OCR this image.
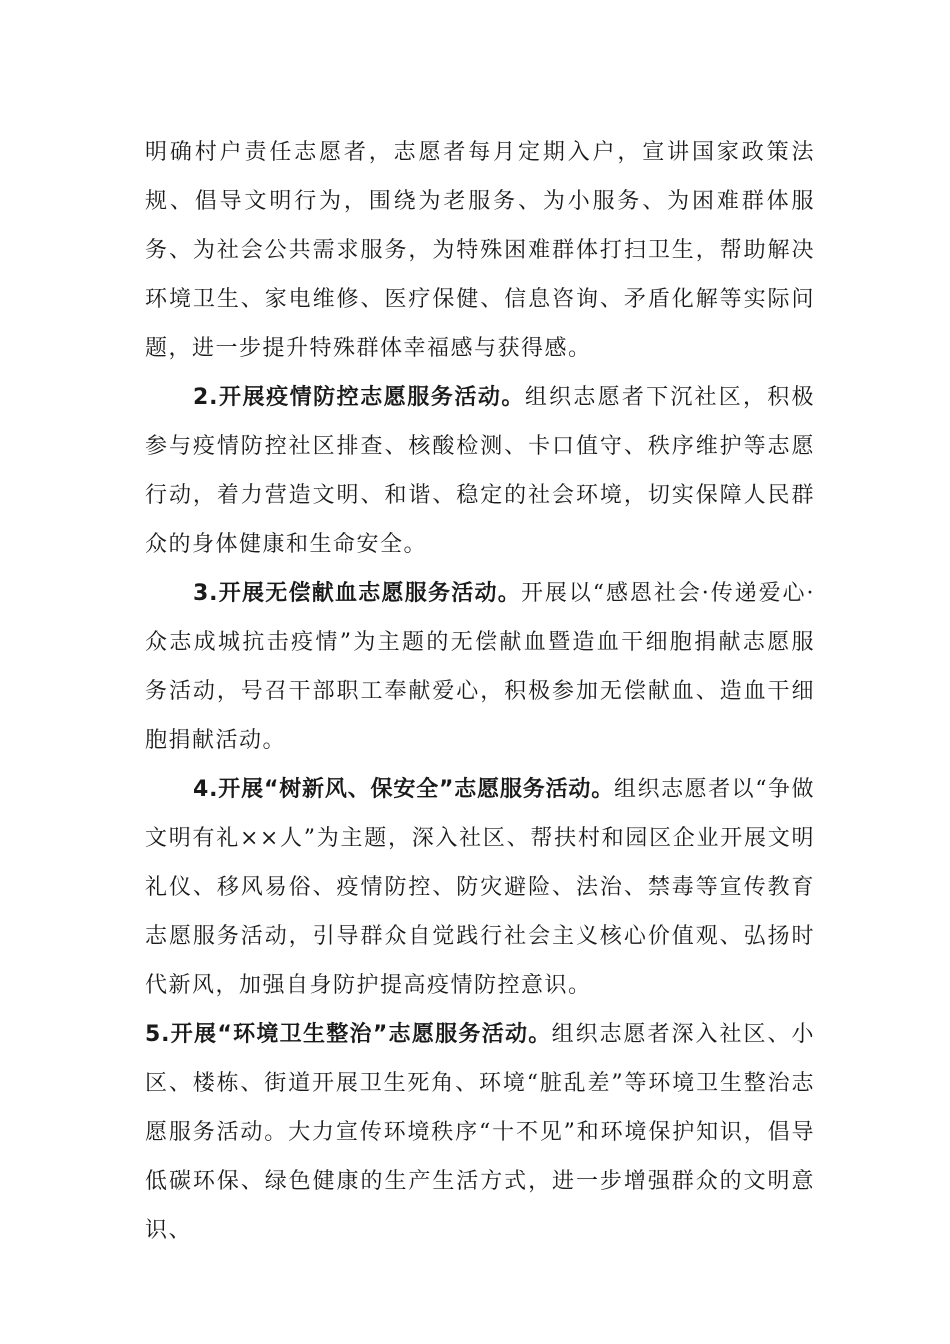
明确村户责任志愿者，志愿者每月定期入户，宣讲国家政策法规、倡导文明行为，围绕为老服务、为小服务、为困难群体服务、为社会公共需求服务，为特殊困难群体打扫卫生，帮助解决环境卫生、家电维修、医疗保健、信息咨询、矛盾化解等实际问题，进一步提升特殊群体幸福感与获得感。

2.开展疫情防控志愿服务活动。组织志愿者下沉社区，积极参与疫情防控社区排查、核酸检测、卡口值守、秩序维护等志愿行动，着力营造文明、和谐、稳定的社会环境，切实保障人民群众的身体健康和生命安全。

3.开展无偿献血志愿服务活动。开展以“感恩社会·传递爱心·众志成城抗击疫情”为主题的无偿献血暨造血干细胞捐献志愿服务活动，号召干部职工奉献爱心，积极参加无偿献血、造血干细胞捐献活动。

4.开展“树新风、保安全”志愿服务活动。组织志愿者以“争做文明有礼××人”为主题，深入社区、帮扶村和园区企业开展文明礼仪、移风易俗、疫情防控、防灾避险、法治、禁毒等宣传教育志愿服务活动，引导群众自觉践行社会主义核心价值观、弘扬时代新风，加强自身防护提高疫情防控意识。

5.开展“环境卫生整治”志愿服务活动。组织志愿者深入社区、小区、楼栋、街道开展卫生死角、环境“脏乱差”等环境卫生整治志愿服务活动。大力宣传环境秩序“十不见”和环境保护知识，倡导低碳环保、绿色健康的生产生活方式，进一步增强群众的文明意识、
